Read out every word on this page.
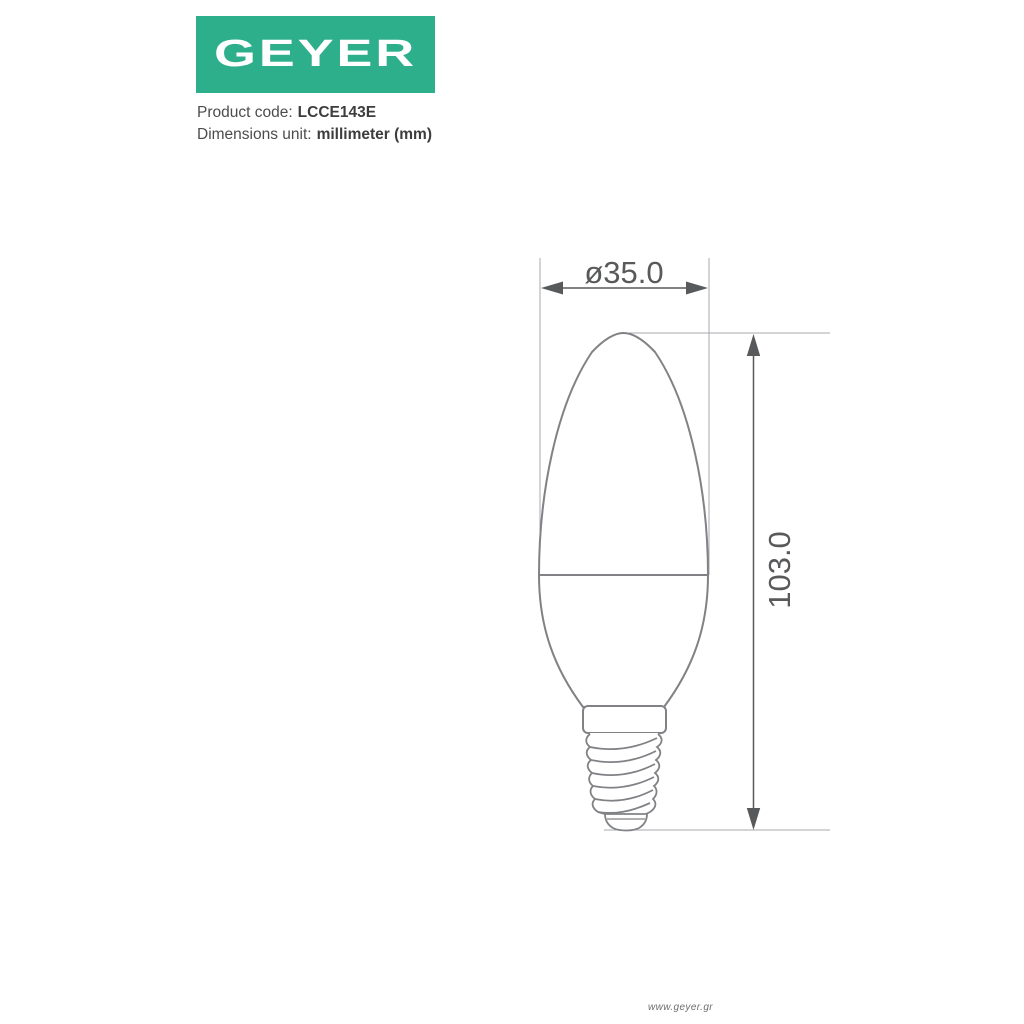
GEYER
Product code: LCCE143E
Dimensions unit: millimeter (mm)
ø35.0
103.0
www.geyer.gr
